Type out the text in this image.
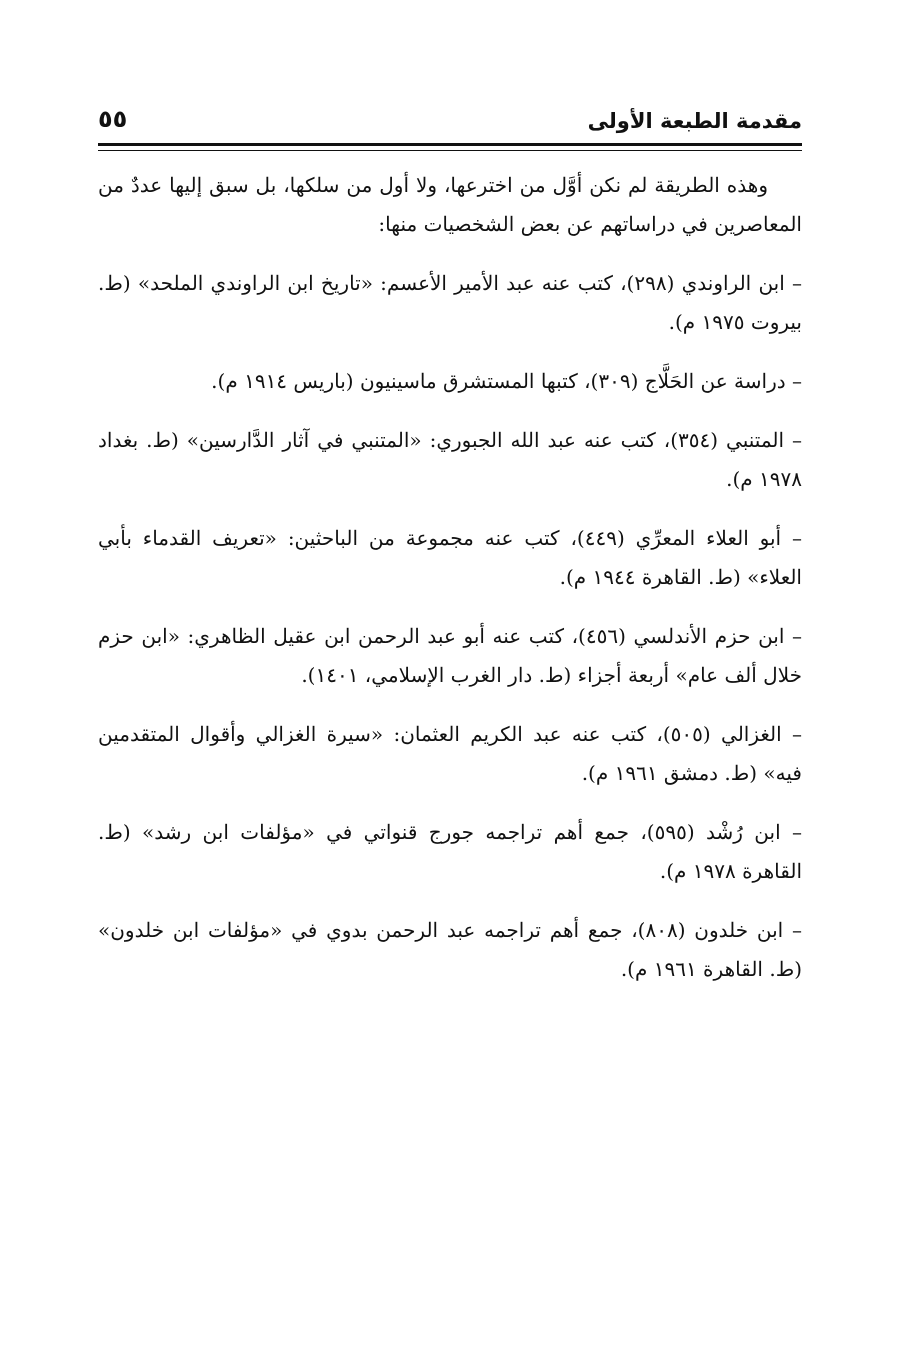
مقدمة الطبعة الأولى
٥٥

وهذه الطريقة لم نكن أوَّل من اخترعها، ولا أول من سلكها، بل سبق إليها عددٌ من المعاصرين في دراساتهم عن بعض الشخصيات منها:

– ابن الراوندي (٢٩٨)، كتب عنه عبد الأمير الأعسم: «تاريخ ابن الراوندي الملحد» (ط. بيروت ١٩٧٥ م).

– دراسة عن الحَلَّاج (٣٠٩)، كتبها المستشرق ماسينيون (باريس ١٩١٤ م).

– المتنبي (٣٥٤)، كتب عنه عبد الله الجبوري: «المتنبي في آثار الدَّارسين» (ط. بغداد ١٩٧٨ م).

– أبو العلاء المعرِّي (٤٤٩)، كتب عنه مجموعة من الباحثين: «تعريف القدماء بأبي العلاء» (ط. القاهرة ١٩٤٤ م).

– ابن حزم الأندلسي (٤٥٦)، كتب عنه أبو عبد الرحمن ابن عقيل الظاهري: «ابن حزم خلال ألف عام» أربعة أجزاء (ط. دار الغرب الإسلامي، ١٤٠١).

– الغزالي (٥٠٥)، كتب عنه عبد الكريم العثمان: «سيرة الغزالي وأقوال المتقدمين فيه» (ط. دمشق ١٩٦١ م).

– ابن رُشْد (٥٩٥)، جمع أهم تراجمه جورج قنواتي في «مؤلفات ابن رشد» (ط. القاهرة ١٩٧٨ م).

– ابن خلدون (٨٠٨)، جمع أهم تراجمه عبد الرحمن بدوي في «مؤلفات ابن خلدون» (ط. القاهرة ١٩٦١ م).
